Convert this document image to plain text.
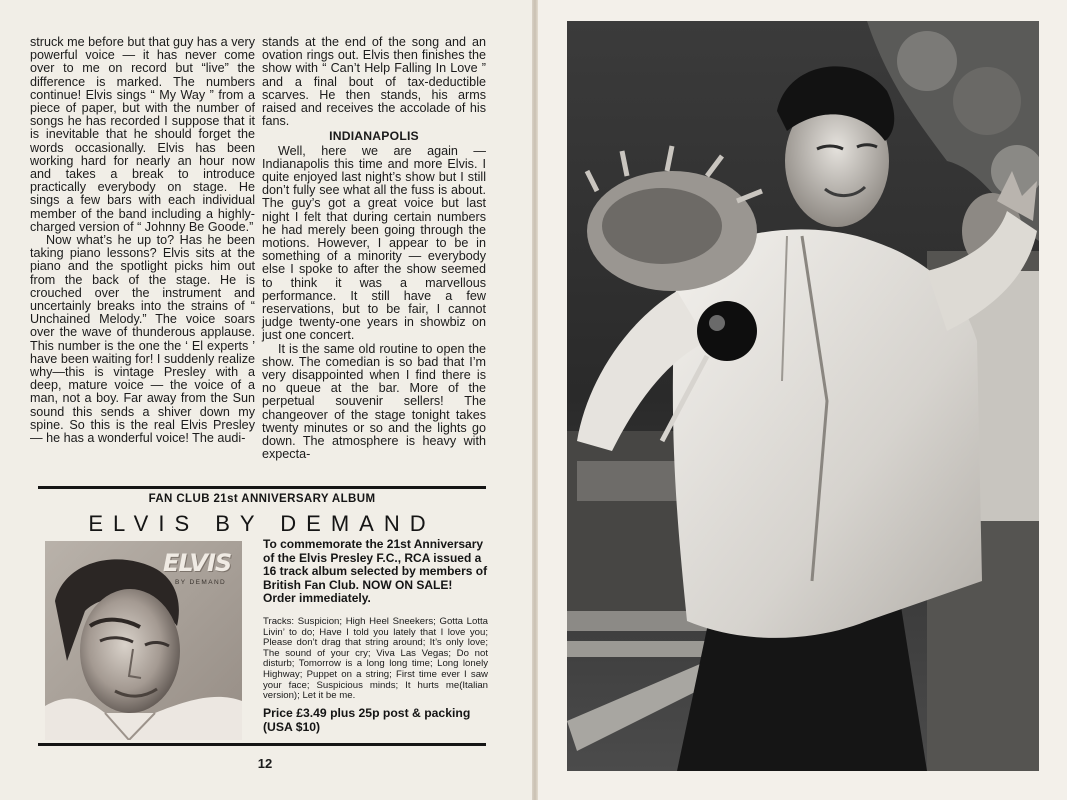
struck me before but that guy has a very powerful voice — it has never come over to me on record but “live” the difference is marked. The numbers continue! Elvis sings “ My Way ” from a piece of paper, but with the number of songs he has recorded I suppose that it is inevitable that he should forget the words occasionally. Elvis has been working hard for nearly an hour now and takes a break to introduce practically everybody on stage. He sings a few bars with each individual member of the band including a highly-charged version of “ Johnny Be Goode.”

Now what’s he up to? Has he been taking piano lessons? Elvis sits at the piano and the spotlight picks him out from the back of the stage. He is crouched over the instrument and uncertainly breaks into the strains of “ Unchained Melody.” The voice soars over the wave of thunderous applause. This number is the one the ‘ El experts ’ have been waiting for! I suddenly realize why—this is vintage Presley with a deep, mature voice — the voice of a man, not a boy. Far away from the Sun sound this sends a shiver down my spine. So this is the real Elvis Presley — he has a wonderful voice! The audi-

stands at the end of the song and an ovation rings out. Elvis then finishes the show with “ Can’t Help Falling In Love ” and a final bout of tax-deductible scarves. He then stands, his arms raised and receives the accolade of his fans.

INDIANAPOLIS

Well, here we are again — Indianapolis this time and more Elvis. I quite enjoyed last night’s show but I still don’t fully see what all the fuss is about. The guy’s got a great voice but last night I felt that during certain numbers he had merely been going through the motions. However, I appear to be in something of a minority — everybody else I spoke to after the show seemed to think it was a marvellous performance. It still have a few reservations, but to be fair, I cannot judge twenty-one years in showbiz on just one concert.

It is the same old routine to open the show. The comedian is so bad that I’m very disappointed when I find there is no queue at the bar. More of the perpetual souvenir sellers! The changeover of the stage tonight takes twenty minutes or so and the lights go down. The atmosphere is heavy with expecta-

FAN CLUB 21st ANNIVERSARY ALBUM
ELVIS BY DEMAND
ELVIS
BY DEMAND
To commemorate the 21st Anniversary of the Elvis Presley F.C., RCA issued a 16 track album selected by members of British Fan Club. NOW ON SALE! Order immediately.
Tracks: Suspicion; High Heel Sneekers; Gotta Lotta Livin’ to do; Have I told you lately that I love you; Please don’t drag that string around; It’s only love; The sound of your cry; Viva Las Vegas; Do not disturb; Tomorrow is a long long time; Long lonely Highway; Puppet on a string; First time ever I saw your face; Suspicious minds; It hurts me(Italian version); Let it be me.
Price £3.49 plus 25p post & packing (USA $10)
12
